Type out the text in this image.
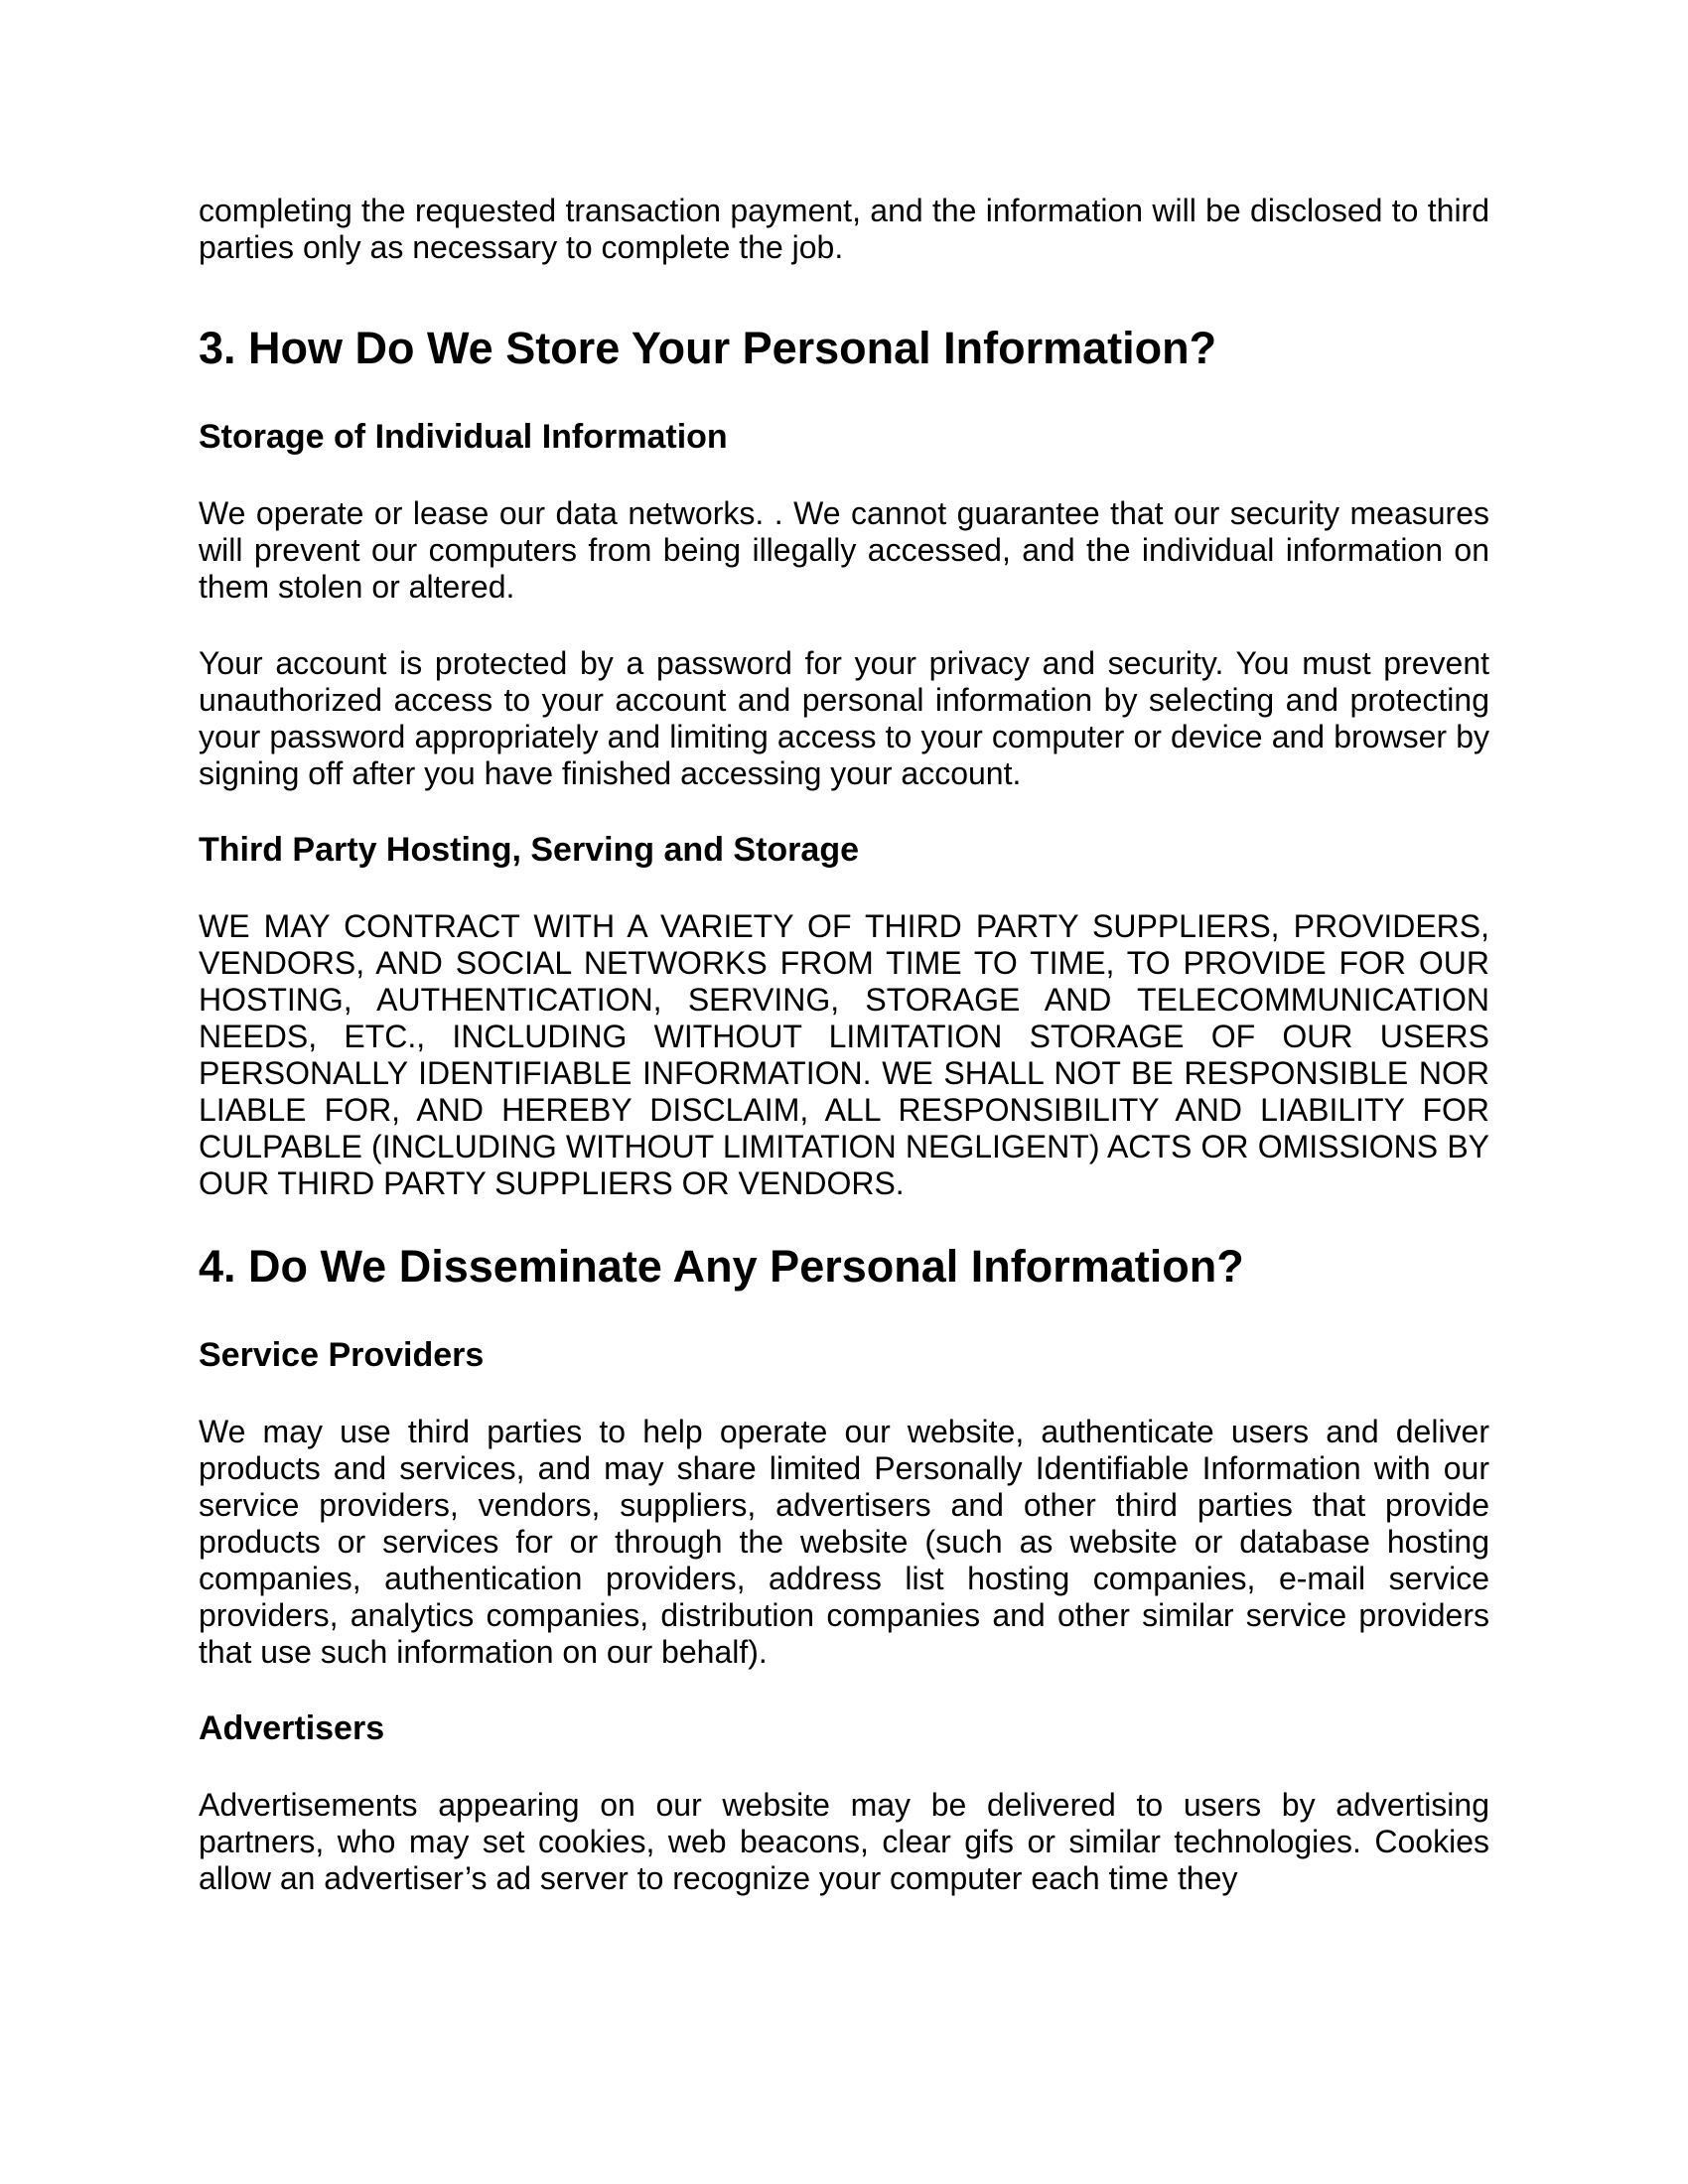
completing the requested transaction payment, and the information will be disclosed to third parties only as necessary to complete the job.

3. How Do We Store Your Personal Information?
Storage of Individual Information

We operate or lease our data networks. . We cannot guarantee that our security measures will prevent our computers from being illegally accessed, and the individual information on them stolen or altered.

Your account is protected by a password for your privacy and security. You must prevent unauthorized access to your account and personal information by selecting and protecting your password appropriately and limiting access to your computer or device and browser by signing off after you have finished accessing your account.

Third Party Hosting, Serving and Storage

WE MAY CONTRACT WITH A VARIETY OF THIRD PARTY SUPPLIERS, PROVIDERS, VENDORS, AND SOCIAL NETWORKS FROM TIME TO TIME, TO PROVIDE FOR OUR HOSTING, AUTHENTICATION, SERVING, STORAGE AND TELECOMMUNICATION NEEDS, ETC., INCLUDING WITHOUT LIMITATION STORAGE OF OUR USERS PERSONALLY IDENTIFIABLE INFORMATION. WE SHALL NOT BE RESPONSIBLE NOR LIABLE FOR, AND HEREBY DISCLAIM, ALL RESPONSIBILITY AND LIABILITY FOR CULPABLE (INCLUDING WITHOUT LIMITATION NEGLIGENT) ACTS OR OMISSIONS BY OUR THIRD PARTY SUPPLIERS OR VENDORS.

4. Do We Disseminate Any Personal Information?
Service Providers

We may use third parties to help operate our website, authenticate users and deliver products and services, and may share limited Personally Identifiable Information with our service providers, vendors, suppliers, advertisers and other third parties that provide products or services for or through the website (such as website or database hosting companies, authentication providers, address list hosting companies, e-mail service providers, analytics companies, distribution companies and other similar service providers that use such information on our behalf).

Advertisers

Advertisements appearing on our website may be delivered to users by advertising partners, who may set cookies, web beacons, clear gifs or similar technologies. Cookies allow an advertiser’s ad server to recognize your computer each time they
